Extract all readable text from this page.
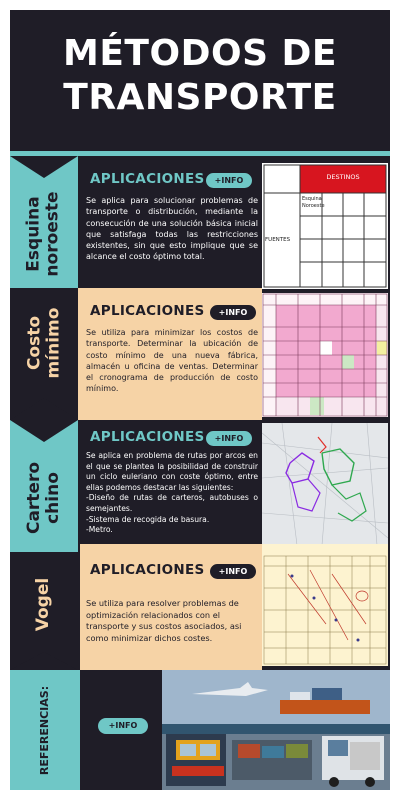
MÉTODOS DE
TRANSPORTE
Esquina noroeste
APLICACIONES	+INFO
Se aplica para solucionar problemas de transporte o distribución, mediante la consecución de una solución básica inicial que satisfaga todas las restricciones existentes, sin que esto implique que se alcance el costo óptimo total.
DESTINOS
Esquina Noroeste
FUENTES
Costo mínimo APLICACIONES	+INFO
Se utiliza para minimizar los costos de transporte. Determinar la ubicación de costo mínimo de una nueva fábrica, almacén u oficina de ventas. Determinar el cronograma de producción de costo mínimo.
Cartero chino
APLICACIONES	+INFO
Se aplica en problema de rutas por arcos en el que se plantea la posibilidad de construir un ciclo euleriano con coste óptimo, entre ellas podemos destacar las siguientes:
-Diseño de rutas de carteros, autobuses o semejantes.
-Sistema de recogida de basura.
-Metro.
Vogel
APLICACIONES	+INFO
Se utiliza para resolver problemas de optimización relacionados con el transporte y sus costos asociados, asi como minimizar dichos costes.
REFERENCIAS:	+INFO
